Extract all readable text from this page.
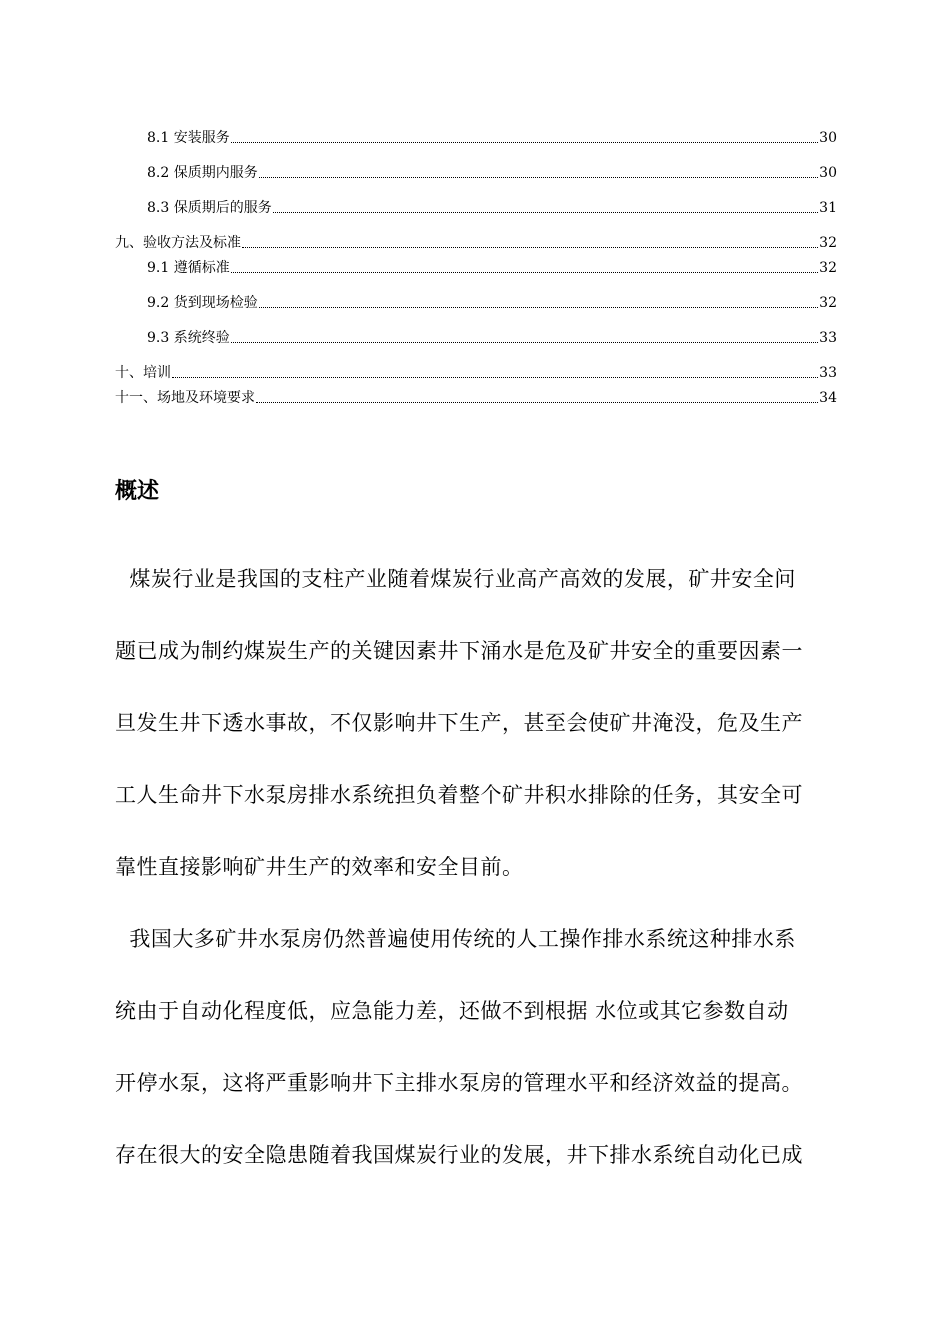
8.1 安装服务	30
8.2 保质期内服务	30
8.3 保质期后的服务	31
九、验收方法及标准	32
9.1 遵循标准	32
9.2 货到现场检验	32
9.3 系统终验	33
十、培训	33
十一、场地及环境要求	34
概述
煤炭行业是我国的支柱产业随着煤炭行业高产高效的发展，矿井安全问
题已成为制约煤炭生产的关键因素井下涌水是危及矿井安全的重要因素一
旦发生井下透水事故，不仅影响井下生产，甚至会使矿井淹没，危及生产
工人生命井下水泵房排水系统担负着整个矿井积水排除的任务，其安全可
靠性直接影响矿井生产的效率和安全目前。
我国大多矿井水泵房仍然普遍使用传统的人工操作排水系统这种排水系
统由于自动化程度低，应急能力差，还做不到根据 水位或其它参数自动
开停水泵，这将严重影响井下主排水泵房的管理水平和经济效益的提高。
存在很大的安全隐患随着我国煤炭行业的发展，井下排水系统自动化已成
